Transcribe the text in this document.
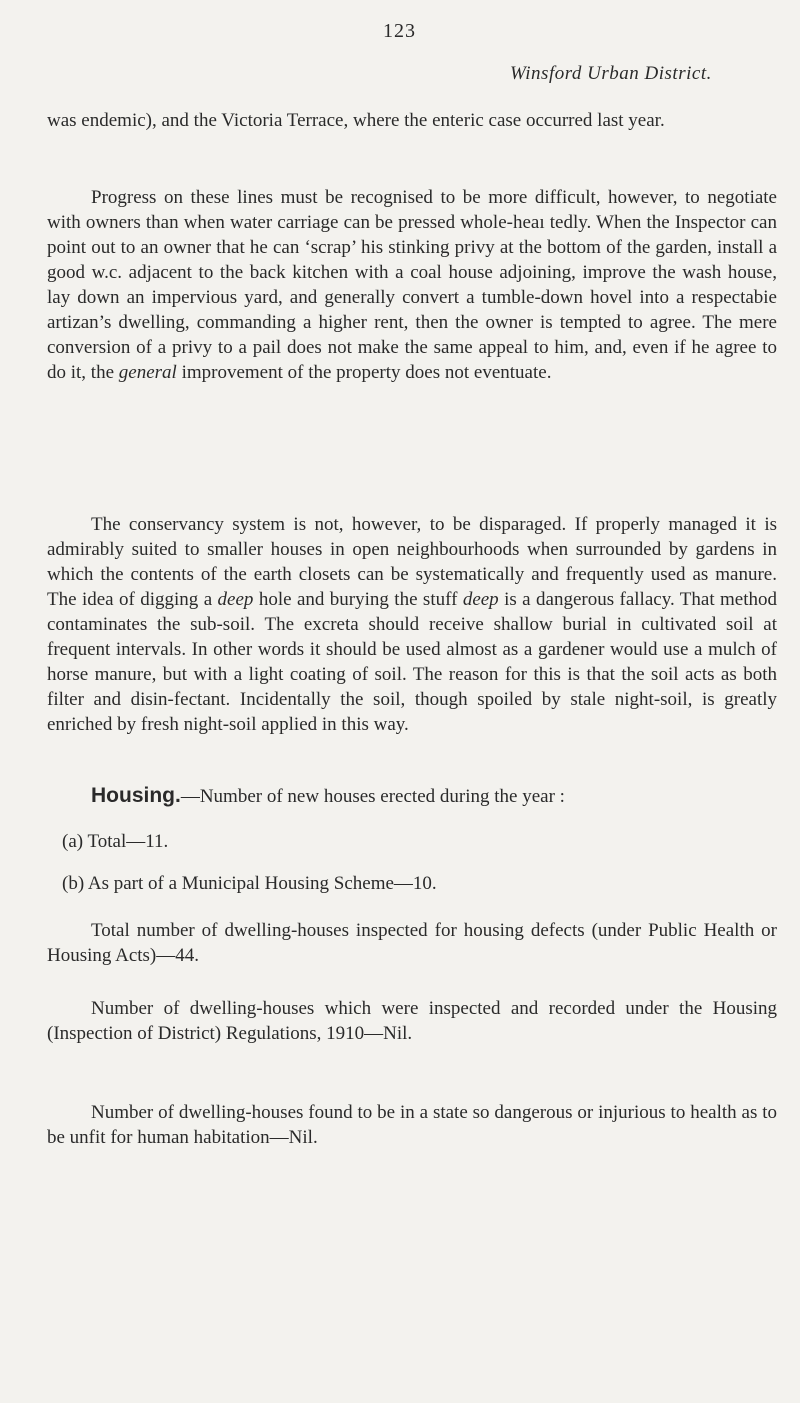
123
Winsford Urban District.

was endemic), and the Victoria Terrace, where the enteric case occurred last year.

Progress on these lines must be recognised to be more difficult, however, to negotiate with owners than when water carriage can be pressed whole-heaı tedly. When the Inspector can point out to an owner that he can ‘scrap’ his stinking privy at the bottom of the garden, install a good w.c. adjacent to the back kitchen with a coal house adjoining, improve the wash house, lay down an impervious yard, and generally convert a tumble-down hovel into a respectabie artizan’s dwelling, commanding a higher rent, then the owner is tempted to agree. The mere conversion of a privy to a pail does not make the same appeal to him, and, even if he agree to do it, the general improvement of the property does not eventuate.

The conservancy system is not, however, to be disparaged. If properly managed it is admirably suited to smaller houses in open neighbourhoods when surrounded by gardens in which the contents of the earth closets can be systematically and frequently used as manure. The idea of digging a deep hole and burying the stuff deep is a dangerous fallacy. That method contaminates the sub-soil. The excreta should receive shallow burial in cultivated soil at frequent intervals. In other words it should be used almost as a gardener would use a mulch of horse manure, but with a light coating of soil. The reason for this is that the soil acts as both filter and disin-fectant. Incidentally the soil, though spoiled by stale night-soil, is greatly enriched by fresh night-soil applied in this way.

Housing.—Number of new houses erected during the year :

(a) Total—11.

(b) As part of a Municipal Housing Scheme—10.

Total number of dwelling-houses inspected for housing defects (under Public Health or Housing Acts)—44.

Number of dwelling-houses which were inspected and recorded under the Housing (Inspection of District) Regulations, 1910—Nil.

Number of dwelling-houses found to be in a state so dangerous or injurious to health as to be unfit for human habitation—Nil.
